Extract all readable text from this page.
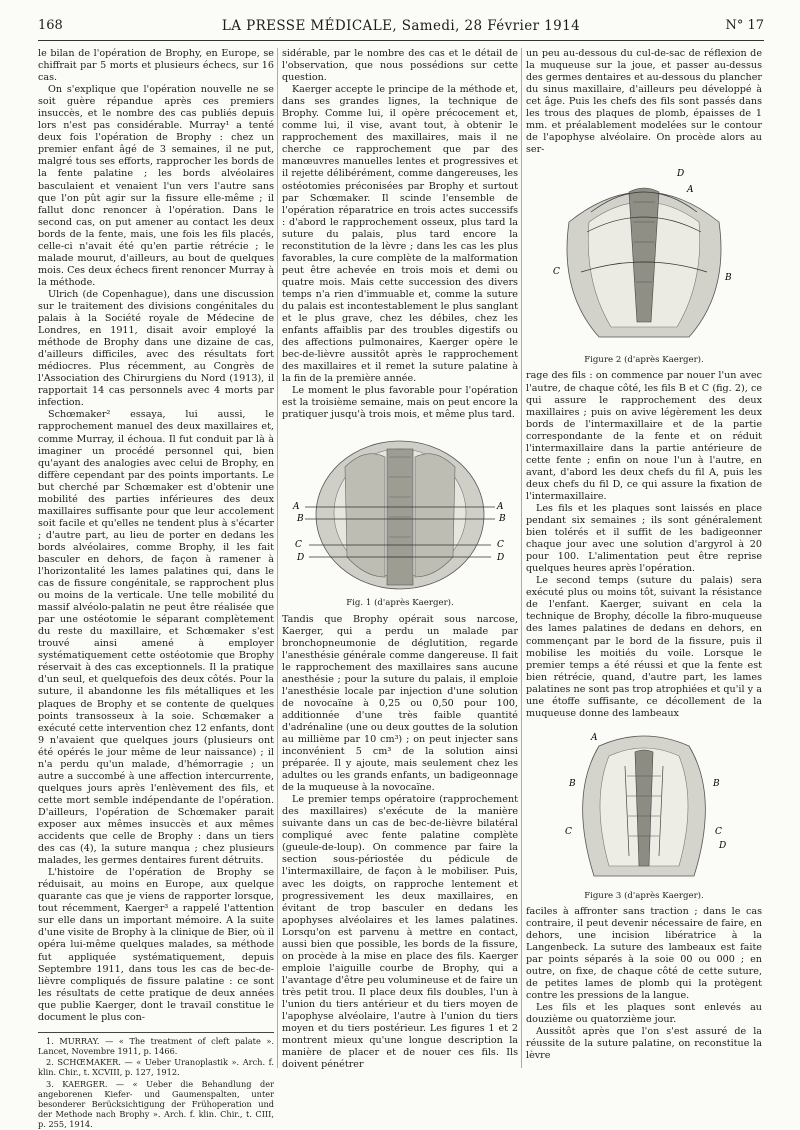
168	LA PRESSE MÉDICALE, Samedi, 28 Février 1914	N° 17

le bilan de l'opération de Brophy, en Europe, se chiffrait par 5 morts et plusieurs échecs, sur 16 cas.

On s'explique que l'opération nouvelle ne se soit guère répandue après ces premiers insuccès, et le nombre des cas publiés depuis lors n'est pas considérable. Murray¹ a tenté deux fois l'opération de Brophy : chez un premier enfant âgé de 3 semaines, il ne put, malgré tous ses efforts, rapprocher les bords de la fente palatine ; les bords alvéolaires basculaient et venaient l'un vers l'autre sans que l'on pût agir sur la fissure elle-même ; il fallut donc renoncer à l'opération. Dans le second cas, on put amener au contact les deux bords de la fente, mais, une fois les fils placés, celle-ci n'avait été qu'en partie rétrécie ; le malade mourut, d'ailleurs, au bout de quelques mois. Ces deux échecs firent renoncer Murray à la méthode.

Ulrich (de Copenhague), dans une discussion sur le traitement des divisions congénitales du palais à la Société royale de Médecine de Londres, en 1911, disait avoir employé la méthode de Brophy dans une dizaine de cas, d'ailleurs difficiles, avec des résultats fort médiocres. Plus récemment, au Congrès de l'Association des Chirurgiens du Nord (1913), il rapportait 14 cas personnels avec 4 morts par infection.

Schœmaker² essaya, lui aussi, le rapprochement manuel des deux maxillaires et, comme Murray, il échoua. Il fut conduit par là à imaginer un procédé personnel qui, bien qu'ayant des analogies avec celui de Brophy, en diffère cependant par des points importants. Le but cherché par Schœmaker est d'obtenir une mobilité des parties inférieures des deux maxillaires suffisante pour que leur accolement soit facile et qu'elles ne tendent plus à s'écarter ; d'autre part, au lieu de porter en dedans les bords alvéolaires, comme Brophy, il les fait basculer en dehors, de façon à ramener à l'horizontalité les lames palatines qui, dans le cas de fissure congénitale, se rapprochent plus ou moins de la verticale. Une telle mobilité du massif alvéolo-palatin ne peut être réalisée que par une ostéotomie le séparant complètement du reste du maxillaire, et Schœmaker s'est trouvé ainsi amené à employer systématiquement cette ostéotomie que Brophy réservait à des cas exceptionnels. Il la pratique d'un seul, et quelquefois des deux côtés. Pour la suture, il abandonne les fils métalliques et les plaques de Brophy et se contente de quelques points transosseux à la soie. Schœmaker a exécuté cette intervention chez 12 enfants, dont 9 n'avaient que quelques jours (plusieurs ont été opérés le jour même de leur naissance) ; il n'a perdu qu'un malade, d'hémorragie ; un autre a succombé à une affection intercurrente, quelques jours après l'enlèvement des fils, et cette mort semble indépendante de l'opération. D'ailleurs, l'opération de Schœmaker parait exposer aux mêmes insuccès et aux mêmes accidents que celle de Brophy : dans un tiers des cas (4), la suture manqua ; chez plusieurs malades, les germes dentaires furent détruits.

L'histoire de l'opération de Brophy se réduisait, au moins en Europe, aux quelque quarante cas que je viens de rapporter lorsque, tout récemment, Kaerger³ a rappelé l'attention sur elle dans un important mémoire. A la suite d'une visite de Brophy à la clinique de Bier, où il opéra lui-même quelques malades, sa méthode fut appliquée systématiquement, depuis Septembre 1911, dans tous les cas de bec-de-lièvre compliqués de fissure palatine : ce sont les résultats de cette pratique de deux années que publie Kaerger, dont le travail constitue le document le plus con-

1. MURRAY. — « The treatment of cleft palate ». Lancet, Novembre 1911, p. 1466.
2. SCHŒMAKER. — « Ueber Uranoplastik ». Arch. f. klin. Chir., t. XCVIII, p. 127, 1912.
3. KAERGER. — « Ueber die Behandlung der angeborenen Kiefer- und Gaumenspalten, unter besonderer Berücksichtigung der Frühoperation und der Methode nach Brophy ». Arch. f. klin. Chir., t. CIII, p. 255, 1914.

sidérable, par le nombre des cas et le détail de l'observation, que nous possédions sur cette question.

Kaerger accepte le principe de la méthode et, dans ses grandes lignes, la technique de Brophy. Comme lui, il opère précocement et, comme lui, il vise, avant tout, à obtenir le rapprochement des maxillaires, mais il ne cherche ce rapprochement que par des manœuvres manuelles lentes et progressives et il rejette délibérément, comme dangereuses, les ostéotomies préconisées par Brophy et surtout par Schœmaker. Il scinde l'ensemble de l'opération réparatrice en trois actes successifs : d'abord le rapprochement osseux, plus tard la suture du palais, plus tard encore la reconstitution de la lèvre ; dans les cas les plus favorables, la cure complète de la malformation peut être achevée en trois mois et demi ou quatre mois. Mais cette succession des divers temps n'a rien d'immuable et, comme la suture du palais est incontestablement le plus sanglant et le plus grave, chez les débiles, chez les enfants affaiblis par des troubles digestifs ou des affections pulmonaires, Kaerger opère le bec-de-lièvre aussitôt après le rapprochement des maxillaires et il remet la suture palatine à la fin de la première année.

Le moment le plus favorable pour l'opération est la troisième semaine, mais on peut encore la pratiquer jusqu'à trois mois, et même plus tard.

A
B
C
D
A
B
C
D
Fig. 1 (d'après Kaerger).

Tandis que Brophy opérait sous narcose, Kaerger, qui a perdu un malade par bronchopneumonie de déglutition, regarde l'anesthésie générale comme dangereuse. Il fait le rapprochement des maxillaires sans aucune anesthésie ; pour la suture du palais, il emploie l'anesthésie locale par injection d'une solution de novocaïne à 0,25 ou 0,50 pour 100, additionnée d'une très faible quantité d'adrénaline (une ou deux gouttes de la solution au millième par 10 cm³) ; on peut injecter sans inconvénient 5 cm³ de la solution ainsi préparée. Il y ajoute, mais seulement chez les adultes ou les grands enfants, un badigeonnage de la muqueuse à la novocaïne.

Le premier temps opératoire (rapprochement des maxillaires) s'exécute de la manière suivante dans un cas de bec-de-lièvre bilatéral compliqué avec fente palatine complète (gueule-de-loup). On commence par faire la section sous-périostée du pédicule de l'intermaxillaire, de façon à le mobiliser. Puis, avec les doigts, on rapproche lentement et progressivement les deux maxillaires, en évitant de trop basculer en dedans les apophyses alvéolaires et les lames palatines. Lorsqu'on est parvenu à mettre en contact, aussi bien que possible, les bords de la fissure, on procède à la mise en place des fils. Kaerger emploie l'aiguille courbe de Brophy, qui a l'avantage d'être peu volumineuse et de faire un très petit trou. Il place deux fils doubles, l'un à l'union du tiers antérieur et du tiers moyen de l'apophyse alvéolaire, l'autre à l'union du tiers moyen et du tiers postérieur. Les figures 1 et 2 montrent mieux qu'une longue description la manière de placer et de nouer ces fils. Ils doivent pénétrer

un peu au-dessous du cul-de-sac de réflexion de la muqueuse sur la joue, et passer au-dessus des germes dentaires et au-dessous du plancher du sinus maxillaire, d'ailleurs peu développé à cet âge. Puis les chefs des fils sont passés dans les trous des plaques de plomb, épaisses de 1 mm. et préalablement modelées sur le contour de l'apophyse alvéolaire. On procède alors au ser-

D
A
C
B
Figure 2 (d'après Kaerger).

rage des fils : on commence par nouer l'un avec l'autre, de chaque côté, les fils B et C (fig. 2), ce qui assure le rapprochement des deux maxillaires ; puis on avive légèrement les deux bords de l'intermaxillaire et de la partie correspondante de la fente et on réduit l'intermaxillaire dans la partie antérieure de cette fente ; enfin on noue l'un à l'autre, en avant, d'abord les deux chefs du fil A, puis les deux chefs du fil D, ce qui assure la fixation de l'intermaxillaire.

Les fils et les plaques sont laissés en place pendant six semaines ; ils sont généralement bien tolérés et il suffit de les badigeonner chaque jour avec une solution d'argyrol à 20 pour 100. L'alimentation peut être reprise quelques heures après l'opération.

Le second temps (suture du palais) sera exécuté plus ou moins tôt, suivant la résistance de l'enfant. Kaerger, suivant en cela la technique de Brophy, décolle la fibro-muqueuse des lames palatines de dedans en dehors, en commençant par le bord de la fissure, puis il mobilise les moitiés du voile. Lorsque le premier temps a été réussi et que la fente est bien rétrécie, quand, d'autre part, les lames palatines ne sont pas trop atrophiées et qu'il y a une étoffe suffisante, ce décollement de la muqueuse donne des lambeaux

A
B	B
C	C
D
Figure 3 (d'après Kaerger).

faciles à affronter sans traction ; dans le cas contraire, il peut devenir nécessaire de faire, en dehors, une incision libératrice à la Langenbeck. La suture des lambeaux est faite par points séparés à la soie 00 ou 000 ; en outre, on fixe, de chaque côté de cette suture, de petites lames de plomb qui la protègent contre les pressions de la langue.

Les fils et les plaques sont enlevés au douzième ou quatorzième jour.

Aussitôt après que l'on s'est assuré de la réussite de la suture palatine, on reconstitue la lèvre
